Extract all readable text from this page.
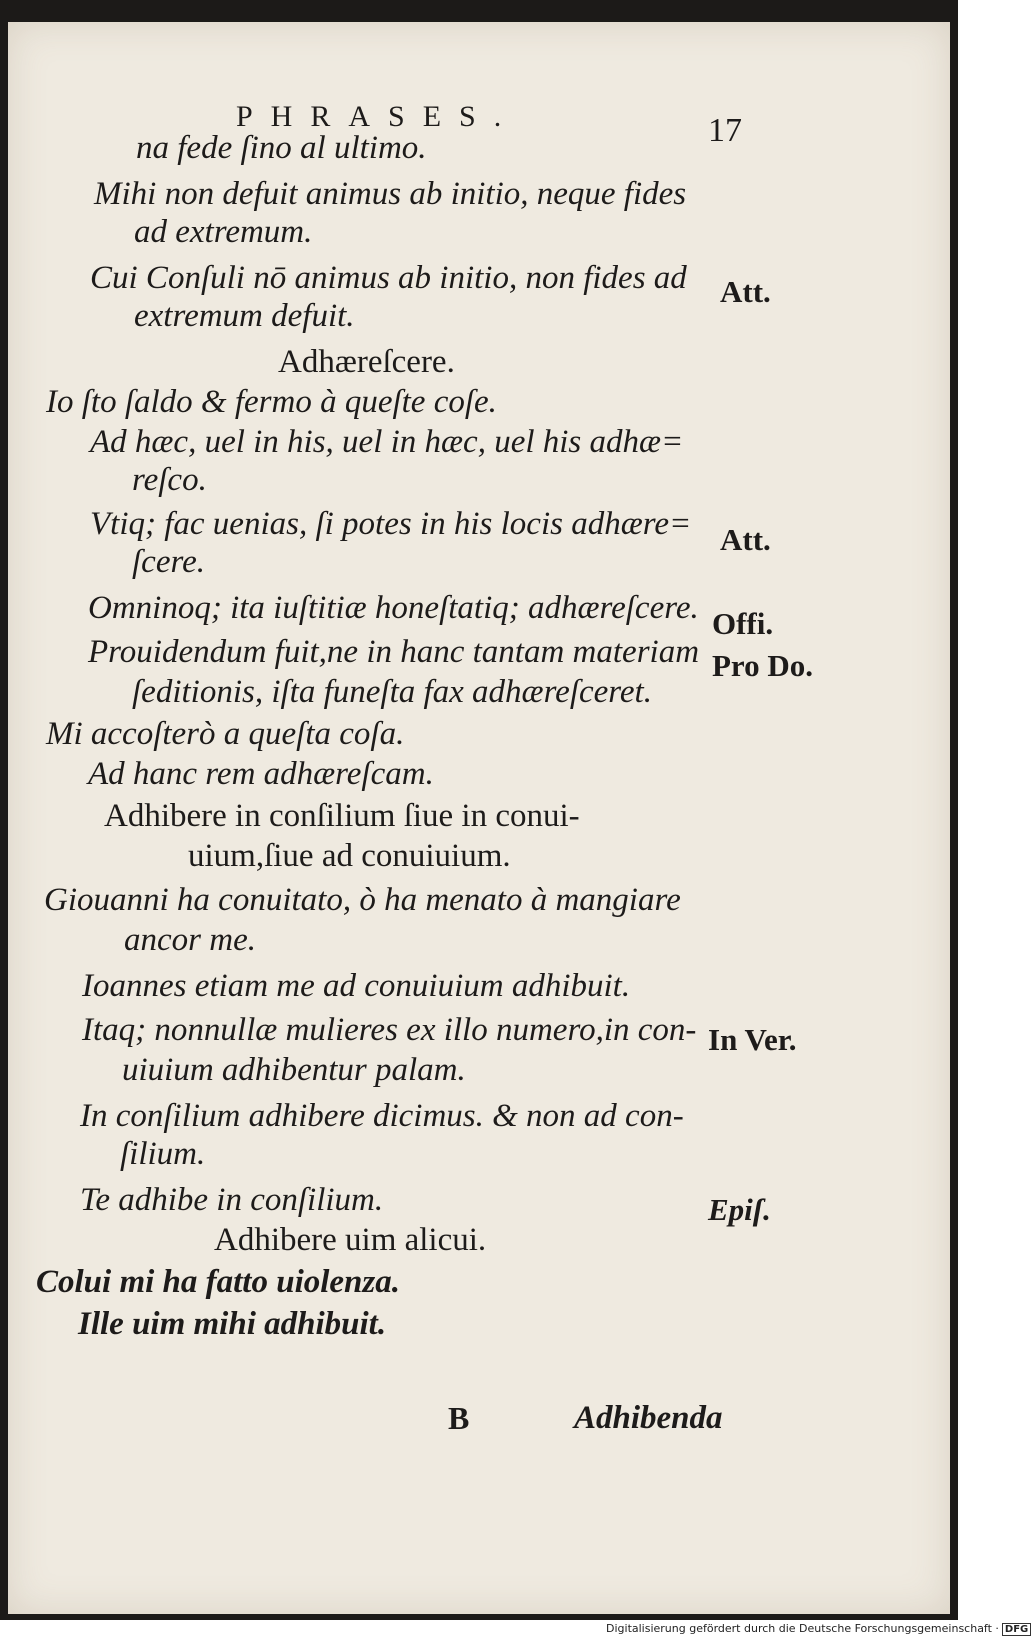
PHRASES.	17
na fede ſino al ultimo.
Mihi non defuit animus ab initio, neque fides
ad extremum.
Cui Conſuli nō animus ab initio, non fides ad
extremum defuit.
Adhæreſcere.
Io ſto ſaldo & fermo à queſte coſe.
Ad hæc, uel in his, uel in hæc, uel his adhæ=
reſco.
Vtiq; fac uenias, ſi potes in his locis adhære=
ſcere.
Omninoq; ita iuſtitiæ honeſtatiq; adhæreſcere.
Prouidendum fuit,ne in hanc tantam materiam
ſeditionis, iſta funeſta fax adhæreſceret.
Mi accoſterò a queſta coſa.
Ad hanc rem adhæreſcam.
Adhibere in conſilium ſiue in conui-
uium,ſiue ad conuiuium.
Giouanni ha conuitato, ò ha menato à mangiare
ancor me.
Ioannes etiam me ad conuiuium adhibuit.
Itaq; nonnullæ mulieres ex illo numero,in con-
uiuium adhibentur palam.
In conſilium adhibere dicimus. & non ad con-
ſilium.
Te adhibe in conſilium.
Adhibere uim alicui.
Colui mi ha fatto uiolenza.
Ille uim mihi adhibuit.
Att.
Att.
Offi.
Pro Do.
In Ver.
Epiſ.
B	Adhibenda
Digitalisierung gefördert durch die Deutsche Forschungsgemeinschaft · DFG
